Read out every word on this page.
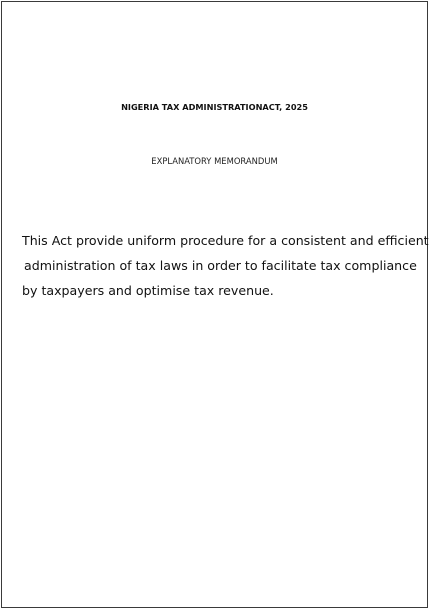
NIGERIA TAX ADMINISTRATIONACT, 2025
EXPLANATORY MEMORANDUM
This Act provide uniform procedure for a consistent and efficient
administration of tax laws in order to facilitate tax compliance
by taxpayers and optimise tax revenue.
